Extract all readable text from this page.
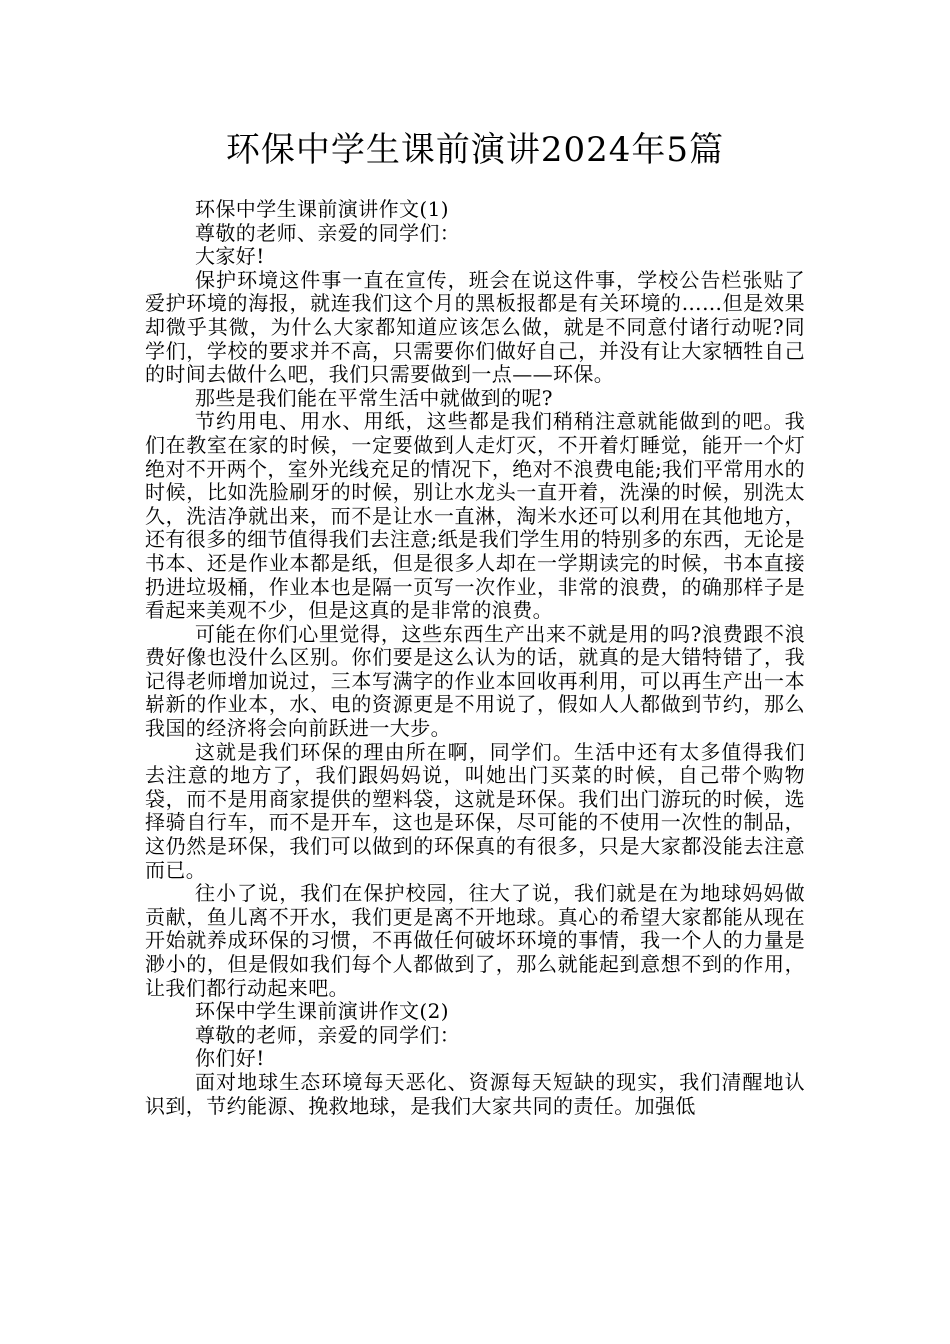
环保中学生课前演讲2024年5篇

环保中学生课前演讲作文(1)

尊敬的老师、亲爱的同学们：

大家好!

保护环境这件事一直在宣传，班会在说这件事，学校公告栏张贴了爱护环境的海报，就连我们这个月的黑板报都是有关环境的……但是效果却微乎其微，为什么大家都知道应该怎么做，就是不同意付诸行动呢?同学们，学校的要求并不高，只需要你们做好自己，并没有让大家牺牲自己的时间去做什么吧，我们只需要做到一点——环保。

那些是我们能在平常生活中就做到的呢?

节约用电、用水、用纸，这些都是我们稍稍注意就能做到的吧。我们在教室在家的时候，一定要做到人走灯灭，不开着灯睡觉，能开一个灯绝对不开两个，室外光线充足的情况下，绝对不浪费电能;我们平常用水的时候，比如洗脸刷牙的时候，别让水龙头一直开着，洗澡的时候，别洗太久，洗洁净就出来，而不是让水一直淋，淘米水还可以利用在其他地方，还有很多的细节值得我们去注意;纸是我们学生用的特别多的东西，无论是书本、还是作业本都是纸，但是很多人却在一学期读完的时候，书本直接扔进垃圾桶，作业本也是隔一页写一次作业，非常的浪费，的确那样子是看起来美观不少，但是这真的是非常的浪费。

可能在你们心里觉得，这些东西生产出来不就是用的吗?浪费跟不浪费好像也没什么区别。你们要是这么认为的话，就真的是大错特错了，我记得老师增加说过，三本写满字的作业本回收再利用，可以再生产出一本崭新的作业本，水、电的资源更是不用说了，假如人人都做到节约，那么我国的经济将会向前跃进一大步。

这就是我们环保的理由所在啊，同学们。生活中还有太多值得我们去注意的地方了，我们跟妈妈说，叫她出门买菜的时候，自己带个购物袋，而不是用商家提供的塑料袋，这就是环保。我们出门游玩的时候，选择骑自行车，而不是开车，这也是环保，尽可能的不使用一次性的制品，这仍然是环保，我们可以做到的环保真的有很多，只是大家都没能去注意而已。

往小了说，我们在保护校园，往大了说，我们就是在为地球妈妈做贡献，鱼儿离不开水，我们更是离不开地球。真心的希望大家都能从现在开始就养成环保的习惯，不再做任何破坏环境的事情，我一个人的力量是渺小的，但是假如我们每个人都做到了，那么就能起到意想不到的作用，让我们都行动起来吧。

环保中学生课前演讲作文(2)

尊敬的老师，亲爱的同学们：

你们好!

面对地球生态环境每天恶化、资源每天短缺的现实，我们清醒地认识到，节约能源、挽救地球，是我们大家共同的责任。加强低
